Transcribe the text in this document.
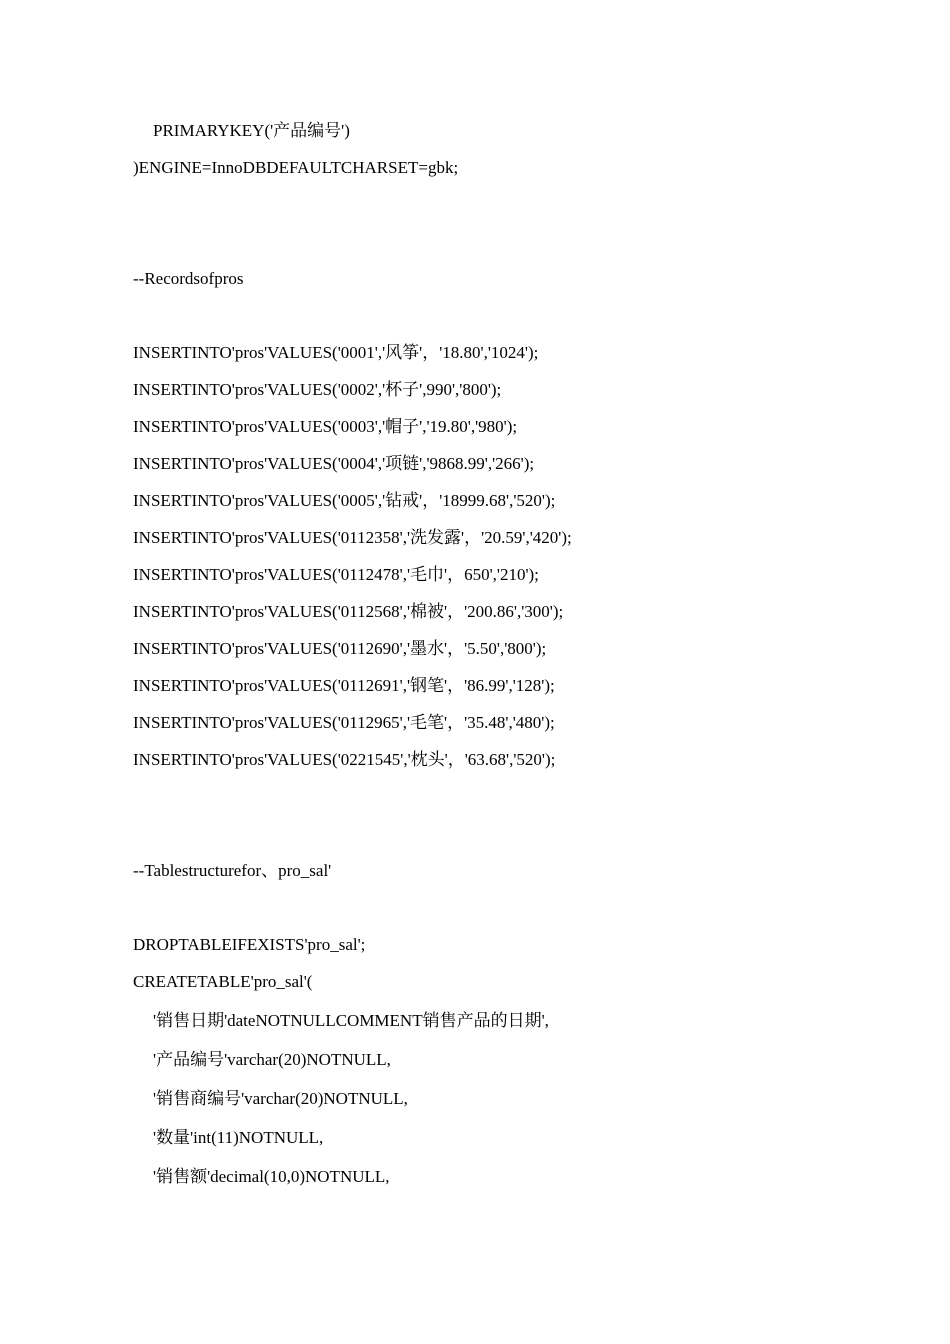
PRIMARYKEY('产品编号')
)ENGINE=InnoDBDEFAULTCHARSET=gbk;
--Recordsofpros
INSERTINTO'pros'VALUES('0001','风筝'，'18.80','1024');
INSERTINTO'pros'VALUES('0002','杯子',990','800');
INSERTINTO'pros'VALUES('0003','帽子','19.80','980');
INSERTINTO'pros'VALUES('0004','项链','9868.99','266');
INSERTINTO'pros'VALUES('0005','钻戒'，'18999.68','520');
INSERTINTO'pros'VALUES('0112358','洗发露'，'20.59','420');
INSERTINTO'pros'VALUES('0112478','毛巾'，650','210');
INSERTINTO'pros'VALUES('0112568','棉被'，'200.86','300');
INSERTINTO'pros'VALUES('0112690','墨水'，'5.50','800');
INSERTINTO'pros'VALUES('0112691','钢笔'，'86.99','128');
INSERTINTO'pros'VALUES('0112965','毛笔'，'35.48','480');
INSERTINTO'pros'VALUES('0221545','枕头'，'63.68','520');
--Tablestructurefor、pro_sal'
DROPTABLEIFEXISTS'pro_sal';
CREATETABLE'pro_sal'(
'销售日期'dateNOTNULLCOMMENT销售产品的日期',
'产品编号'varchar(20)NOTNULL,
'销售商编号'varchar(20)NOTNULL,
'数量'int(11)NOTNULL,
'销售额'decimal(10,0)NOTNULL,
